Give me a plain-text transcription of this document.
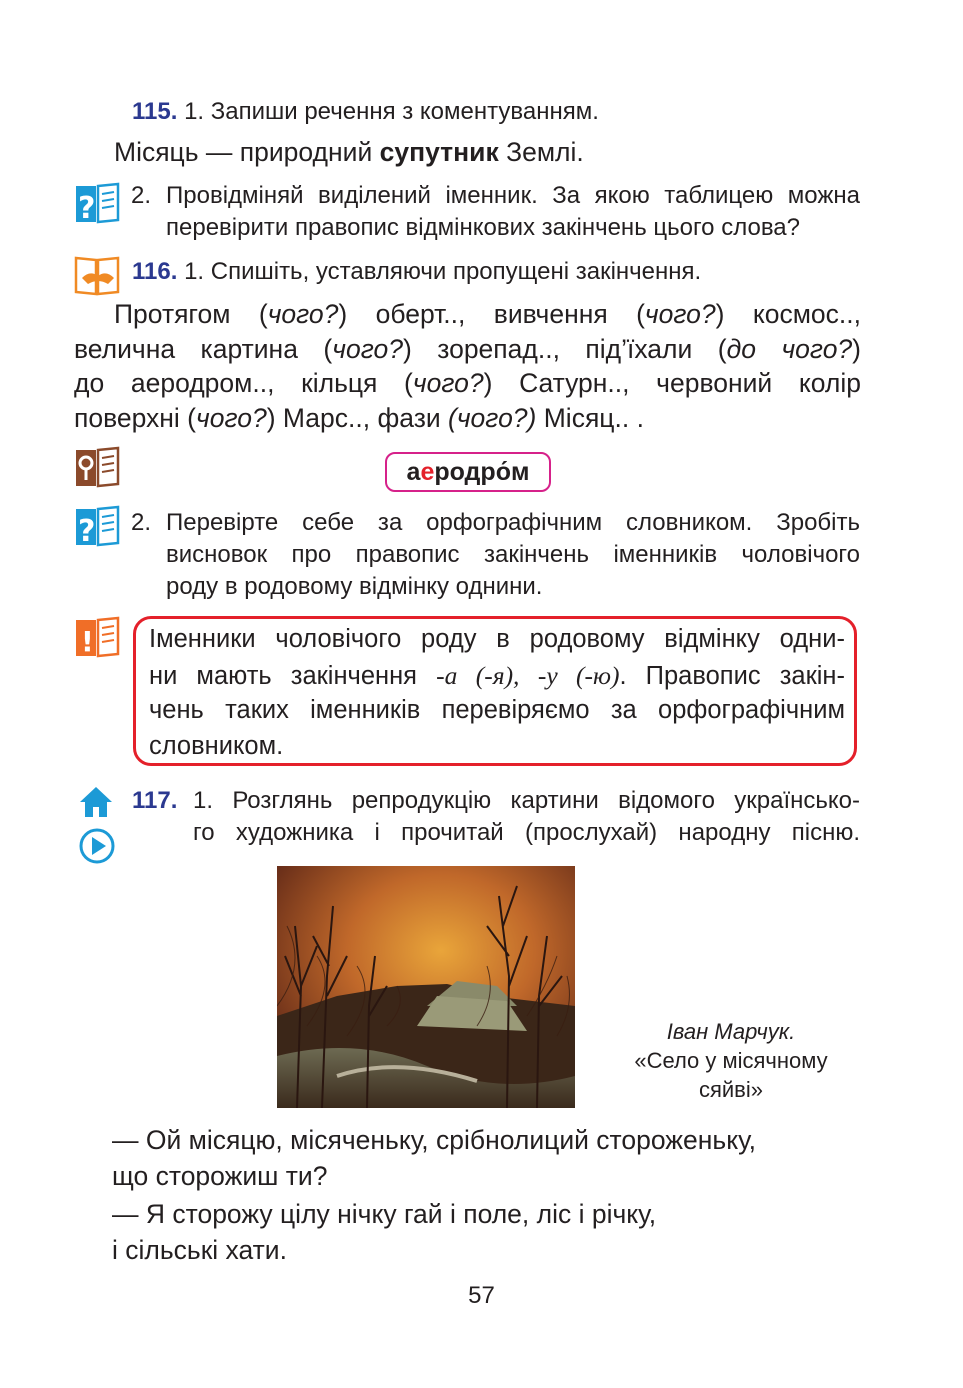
115. 1. Запиши речення з коментуванням.
Місяць — природний супутник Землі.
? 2. Провідміняй виділений іменник. За якою таблицею можна
перевірити правопис відмінкових закінчень цього слова?
116. 1. Спишіть, уставляючи пропущені закінчення.
Протягом (чого?) оберт.., вивчення (чого?) космос..,
велична картина (чого?) зорепад.., під’їхали (до чого?)
до аеродром.., кільця (чого?) Сатурн.., червоний колір
поверхні (чого?) Марс.., фази (чого?) Місяц.. .
аеродро́м
? 2. Перевірте себе за орфографічним словником. Зробіть
висновок про правопис закінчень іменників чоловічого
роду в родовому відмінку однини.
! Іменники чоловічого роду в родовому відмінку одни-
ни мають закінчення -а (-я), -у (-ю). Правопис закін-
чень таких іменників перевіряємо за орфографічним
словником.
117. 1. Розглянь репродукцію картини відомого українсько-
го художника і прочитай (прослухай) народну пісню.
Іван Марчук.
«Село у місячному
сяйві»
— Ой місяцю, місяченьку, срібнолиций стороженьку,
що сторожиш ти?
— Я сторожу цілу нічку гай і поле, ліс і річку,
і сільські хати.
57
